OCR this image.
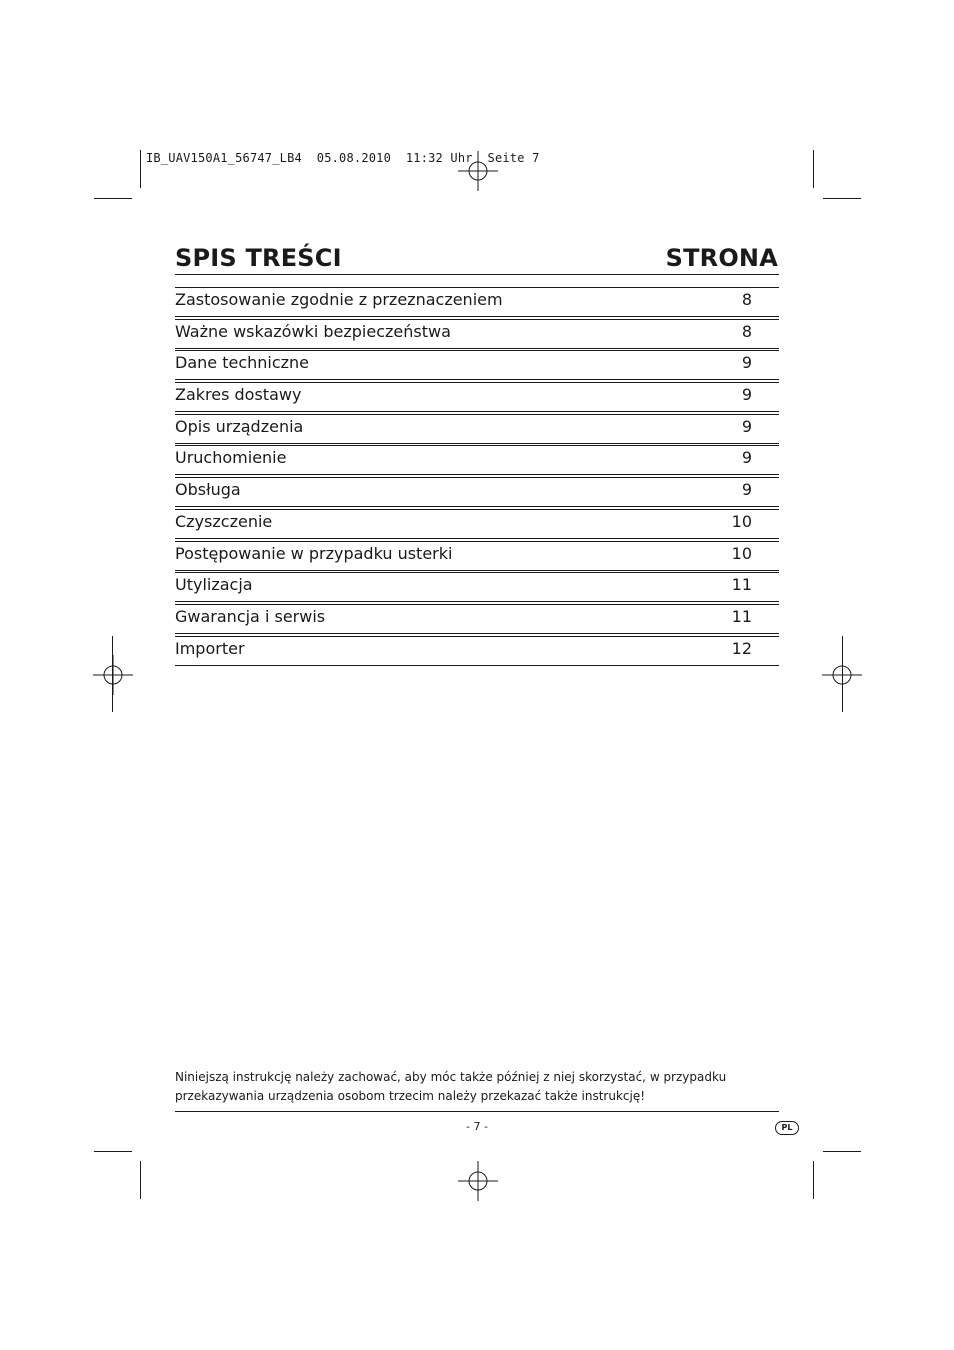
IB_UAV150A1_56747_LB4  05.08.2010  11:32 Uhr  Seite 7
SPIS TREŚCI	STRONA
Zastosowanie zgodnie z przeznaczeniem	8
Ważne wskazówki bezpieczeństwa	8
Dane techniczne	9
Zakres dostawy	9
Opis urządzenia	9
Uruchomienie	9
Obsługa	9
Czyszczenie	10
Postępowanie w przypadku usterki	10
Utylizacja	11
Gwarancja i serwis	11
Importer	12
Niniejszą instrukcję należy zachować, aby móc także później z niej skorzystać, w przypadku
przekazywania urządzenia osobom trzecim należy przekazać także instrukcję!
- 7 -	PL
